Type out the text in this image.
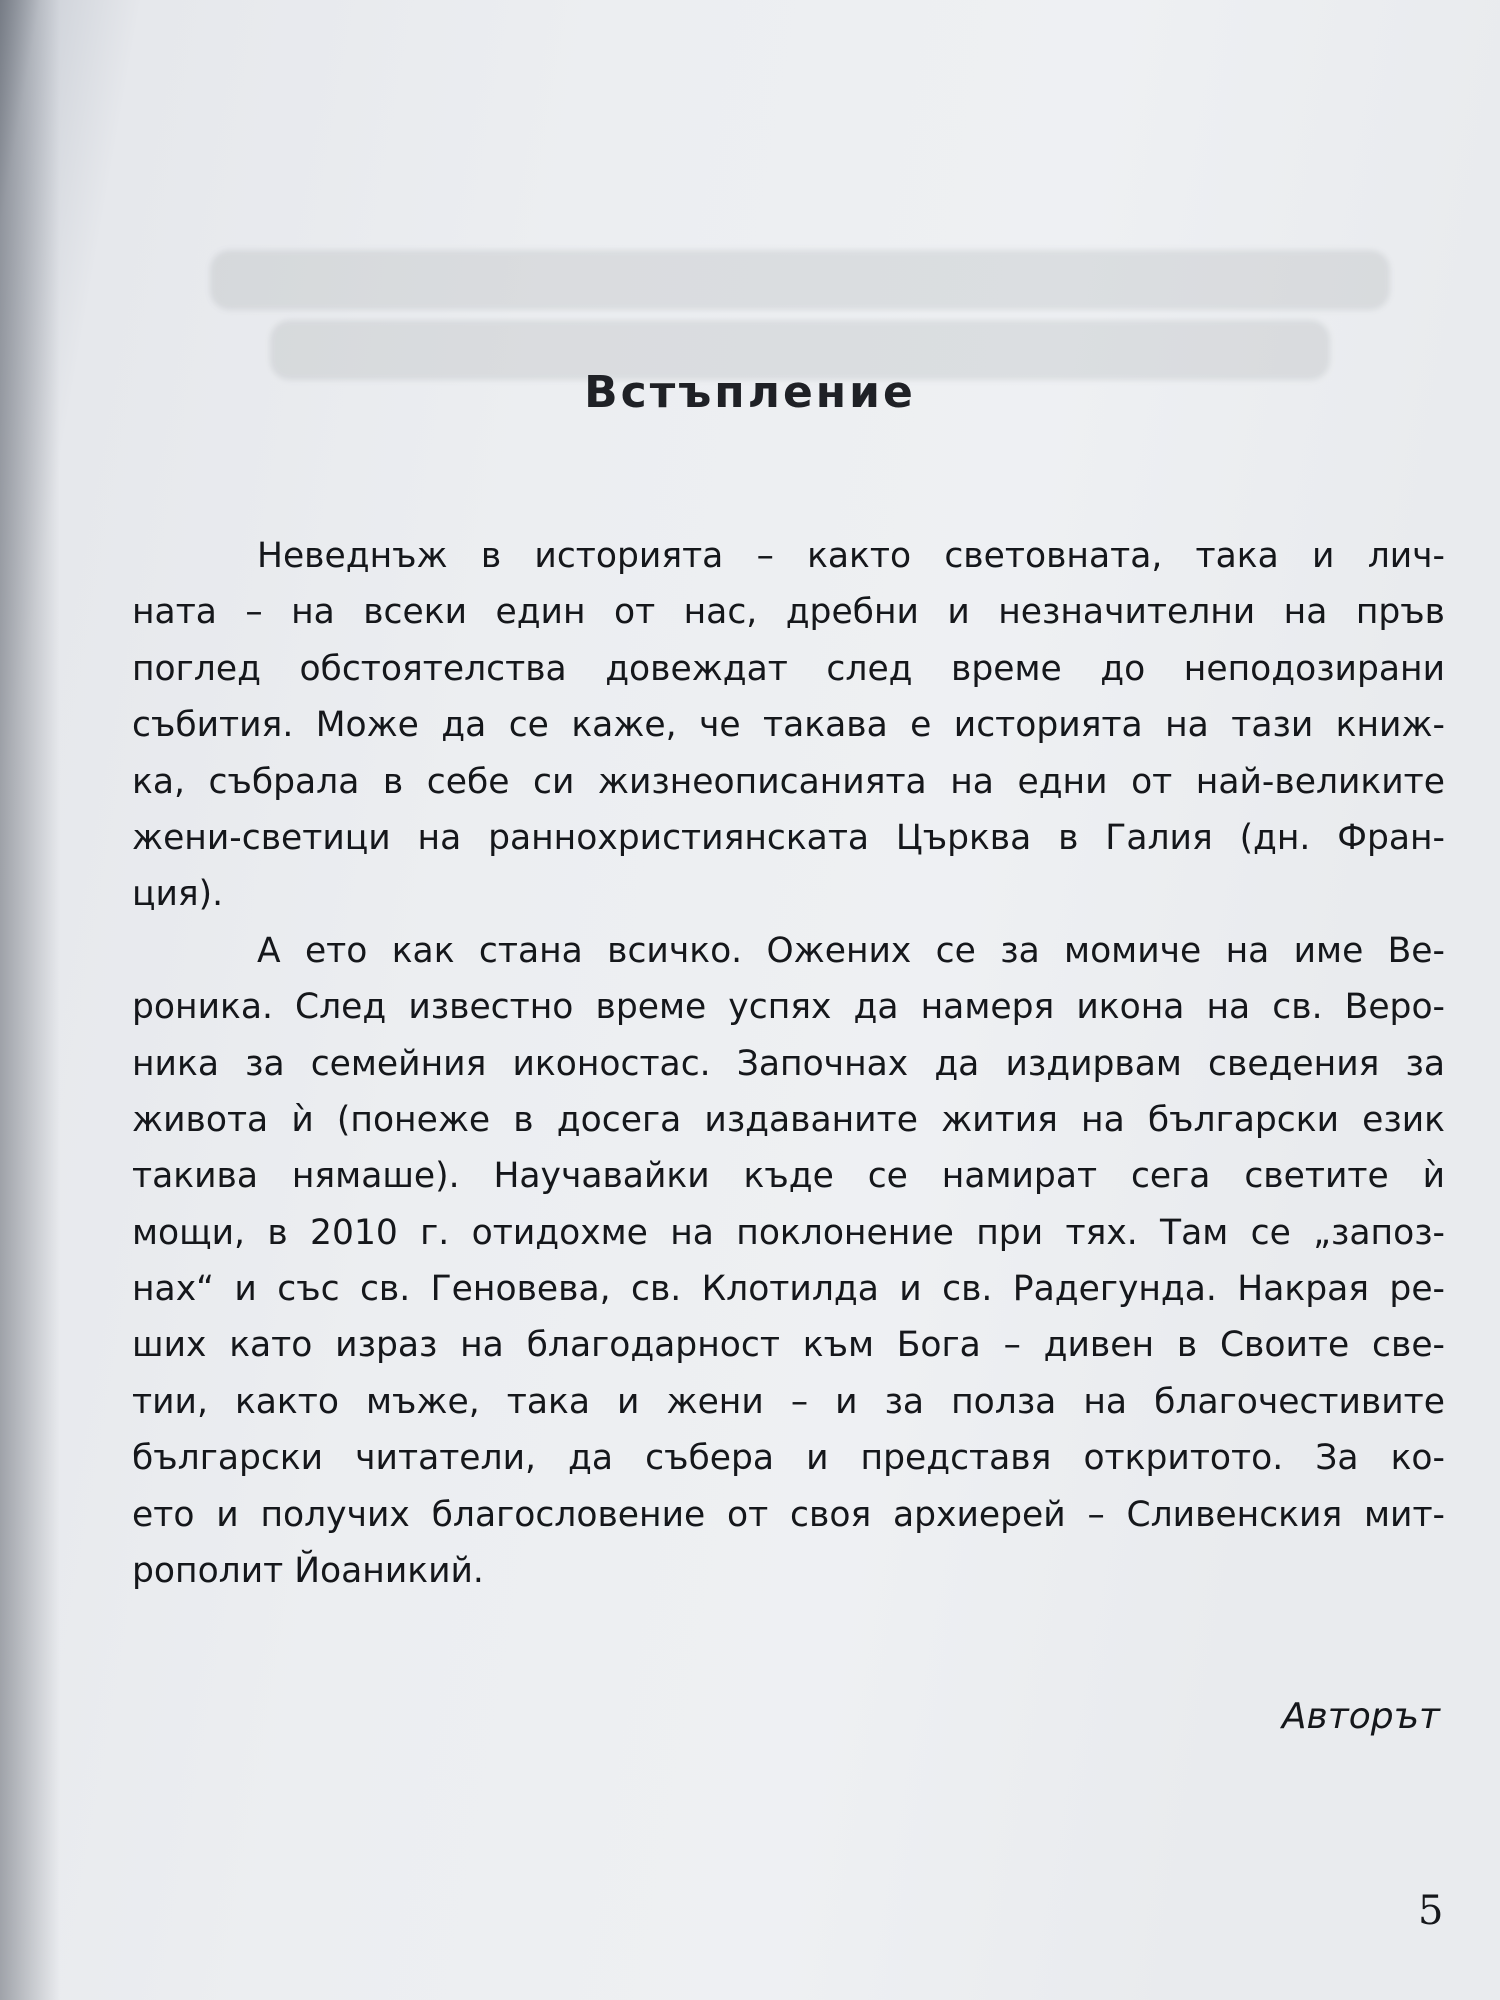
Встъпление
Неведнъж в историята – както световната, така и лич-
ната – на всеки един от нас, дребни и незначителни на пръв
поглед обстоятелства довеждат след време до неподозирани
събития. Може да се каже, че такава е историята на тази книж-
ка, събрала в себе си жизнеописанията на едни от най-великите
жени-светици на раннохристиянската Църква в Галия (дн. Фран-
ция).
А ето как стана всичко. Ожених се за момиче на име Ве-
роника. След известно време успях да намеря икона на св. Веро-
ника за семейния иконостас. Започнах да издирвам сведения за
живота ѝ (понеже в досега издаваните жития на български език
такива нямаше). Научавайки къде се намират сега светите ѝ
мощи, в 2010 г. отидохме на поклонение при тях. Там се „запоз-
нах“ и със св. Геновева, св. Клотилда и св. Радегунда. Накрая ре-
ших като израз на благодарност към Бога – дивен в Своите све-
тии, както мъже, така и жени – и за полза на благочестивите
български читатели, да събера и представя откритото. За ко-
ето и получих благословение от своя архиерей – Сливенския мит-
рополит Йоаникий.
Авторът
5
